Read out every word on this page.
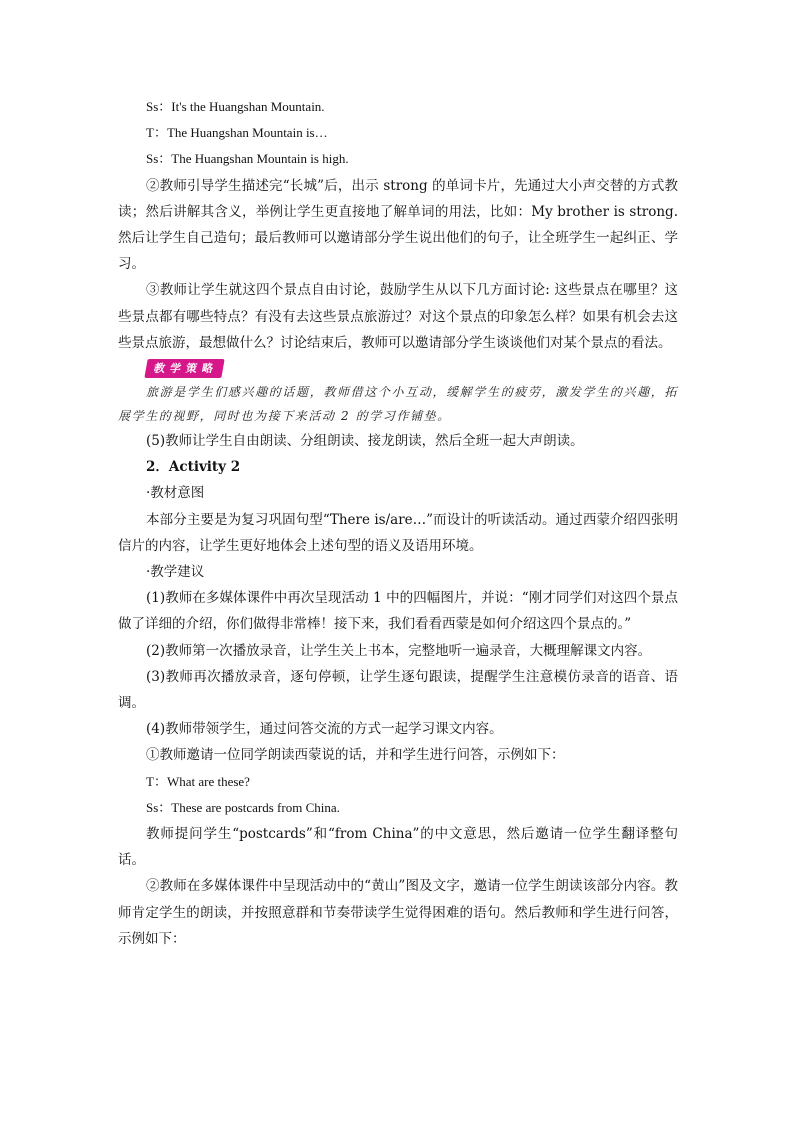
Ss：It's the Huangshan Mountain.
T：The Huangshan Mountain is…
Ss：The Huangshan Mountain is high.
②教师引导学生描述完“长城”后，出示 strong 的单词卡片，先通过大小声交替的方式教读；然后讲解其含义，举例让学生更直接地了解单词的用法，比如：My brother is strong. 然后让学生自己造句；最后教师可以邀请部分学生说出他们的句子，让全班学生一起纠正、学习。
③教师让学生就这四个景点自由讨论，鼓励学生从以下几方面讨论: 这些景点在哪里？这些景点都有哪些特点？有没有去这些景点旅游过？对这个景点的印象怎么样？如果有机会去这些景点旅游，最想做什么？讨论结束后，教师可以邀请部分学生谈谈他们对某个景点的看法。
教学策略
旅游是学生们感兴趣的话题，教师借这个小互动，缓解学生的疲劳，激发学生的兴趣，拓展学生的视野，同时也为接下来活动 2 的学习作铺垫。
(5)教师让学生自由朗读、分组朗读、接龙朗读，然后全班一起大声朗读。
2．Activity 2
·教材意图
本部分主要是为复习巩固句型“There is/are…”而设计的听读活动。通过西蒙介绍四张明信片的内容，让学生更好地体会上述句型的语义及语用环境。
·教学建议
(1)教师在多媒体课件中再次呈现活动 1 中的四幅图片，并说：“刚才同学们对这四个景点做了详细的介绍，你们做得非常棒！接下来，我们看看西蒙是如何介绍这四个景点的。”
(2)教师第一次播放录音，让学生关上书本，完整地听一遍录音，大概理解课文内容。
(3)教师再次播放录音，逐句停顿，让学生逐句跟读，提醒学生注意模仿录音的语音、语调。
(4)教师带领学生，通过问答交流的方式一起学习课文内容。
①教师邀请一位同学朗读西蒙说的话，并和学生进行问答，示例如下：
T：What are these?
Ss：These are postcards from China.
教师提问学生“postcards”和“from China”的中文意思，然后邀请一位学生翻译整句话。
②教师在多媒体课件中呈现活动中的“黄山”图及文字，邀请一位学生朗读该部分内容。教师肯定学生的朗读，并按照意群和节奏带读学生觉得困难的语句。然后教师和学生进行问答，示例如下：
